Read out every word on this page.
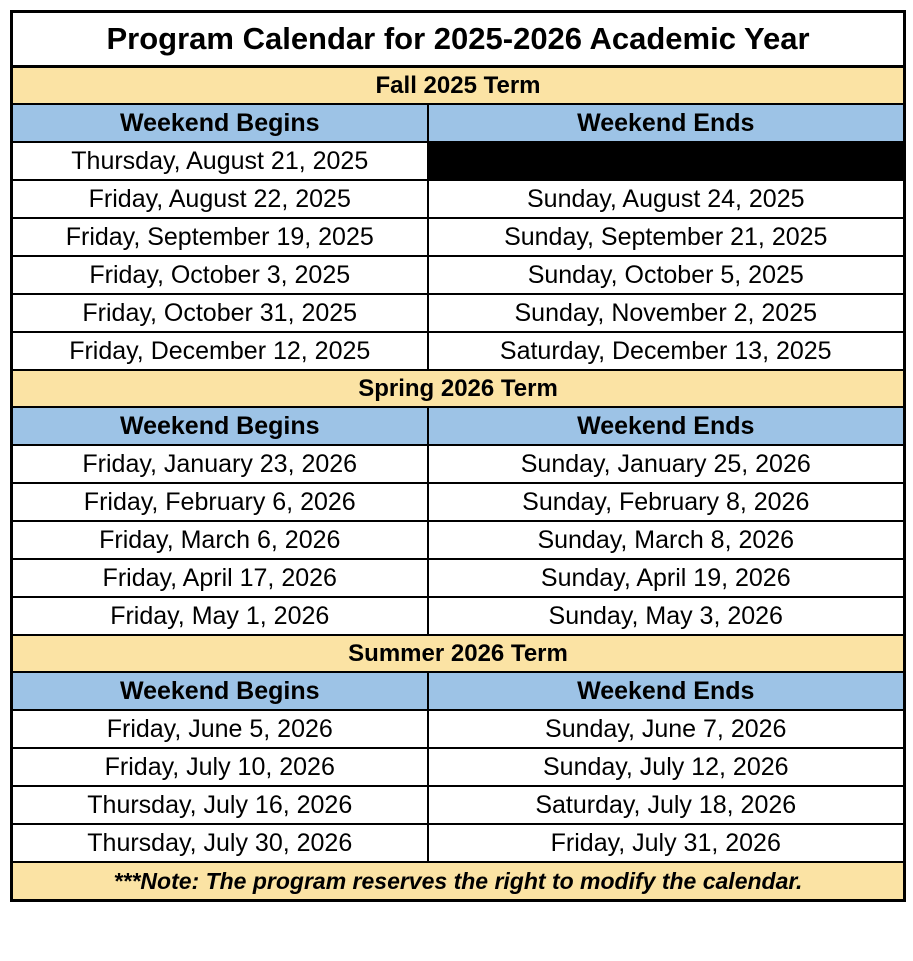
Program Calendar for 2025-2026 Academic Year	
Fall 2025 Term	
Weekend Begins	Weekend Ends
Thursday, August 21, 2025	
Friday, August 22, 2025	Sunday, August 24, 2025
Friday, September 19, 2025	Sunday, September 21, 2025
Friday, October 3, 2025	Sunday, October 5, 2025
Friday, October 31, 2025	Sunday, November 2, 2025
Friday, December 12, 2025	Saturday, December 13, 2025
Spring 2026 Term	
Weekend Begins	Weekend Ends
Friday, January 23, 2026	Sunday, January 25, 2026
Friday, February 6, 2026	Sunday, February 8, 2026
Friday, March 6, 2026	Sunday, March 8, 2026
Friday, April 17, 2026	Sunday, April 19, 2026
Friday, May 1, 2026	Sunday, May 3, 2026
Summer 2026 Term	
Weekend Begins	Weekend Ends
Friday, June 5, 2026	Sunday, June 7, 2026
Friday, July 10, 2026	Sunday, July 12, 2026
Thursday, July 16, 2026	Saturday, July 18, 2026
Thursday, July 30, 2026	Friday, July 31, 2026
***Note: The program reserves the right to modify the calendar.	
